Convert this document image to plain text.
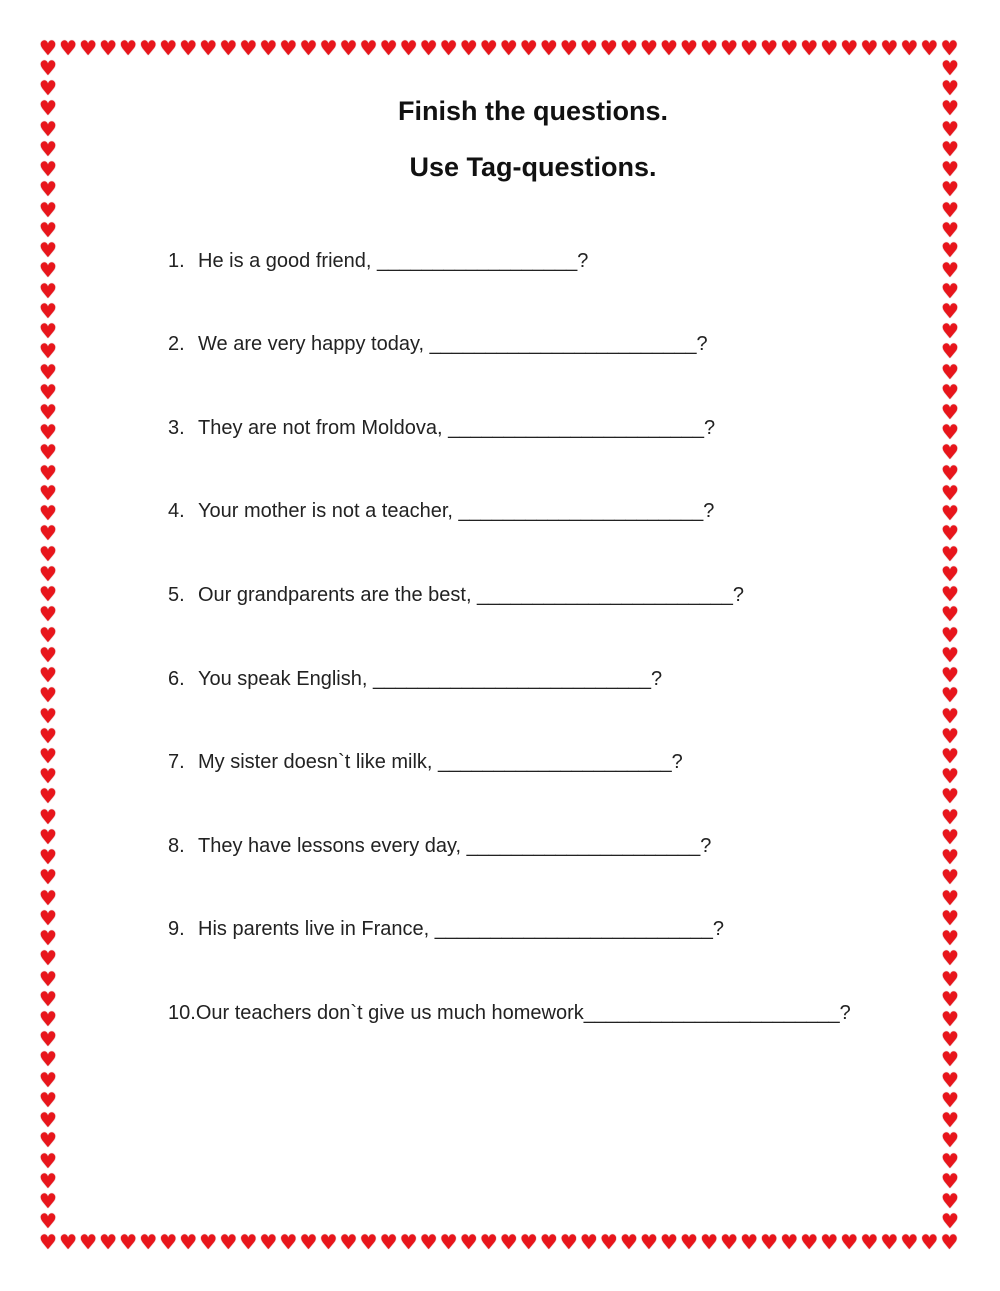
♥ ♥ ♥ ♥ ♥ ♥ ♥ ♥ ♥ ♥ ♥ ♥ ♥ ♥ ♥ ♥ ♥ ♥ ♥ ♥ ♥ ♥ ♥ ♥ ♥ ♥ ♥ ♥ ♥ ♥ ♥ ♥ ♥ ♥ ♥ ♥ ♥ ♥ ♥ ♥ ♥ ♥ ♥ ♥ ♥ ♥
♥ ♥ ♥ ♥ ♥ ♥ ♥ ♥ ♥ ♥ ♥ ♥ ♥ ♥ ♥ ♥ ♥ ♥ ♥ ♥ ♥ ♥ ♥ ♥ ♥ ♥ ♥ ♥ ♥ ♥ ♥ ♥ ♥ ♥ ♥ ♥ ♥ ♥ ♥ ♥ ♥ ♥ ♥ ♥ ♥ ♥
♥
♥
♥
♥
♥
♥
♥
♥
♥
♥
♥
♥
♥
♥
♥
♥
♥
♥
♥
♥
♥
♥
♥
♥
♥
♥
♥
♥
♥
♥
♥
♥
♥
♥
♥
♥
♥
♥
♥
♥
♥
♥
♥
♥
♥
♥
♥
♥
♥
♥
♥
♥
♥
♥
♥
♥
♥
♥
♥
♥
♥
♥
♥
♥
♥
♥
♥
♥
♥
♥
♥
♥
♥
♥
♥
♥
♥
♥
♥
♥
♥
♥
♥
♥
♥
♥
♥
♥
♥
♥
♥
♥
♥
♥
♥
♥
♥
♥
♥
♥
♥
♥
♥
♥
♥
♥
♥
♥
♥
♥
♥
♥
♥
♥
♥
♥
Finish the questions.
Use Tag-questions.
1. He is a good friend, __________________?
2. We are very happy today, ________________________?
3. They are not from Moldova, _______________________?
4. Your mother is not a teacher, ______________________?
5. Our grandparents are the best, _______________________?
6. You speak English, _________________________?
7. My sister doesn`t like milk, _____________________?
8. They have lessons every day, _____________________?
9. His parents live in France, _________________________?
10.Our teachers don`t give us much homework_______________________?
